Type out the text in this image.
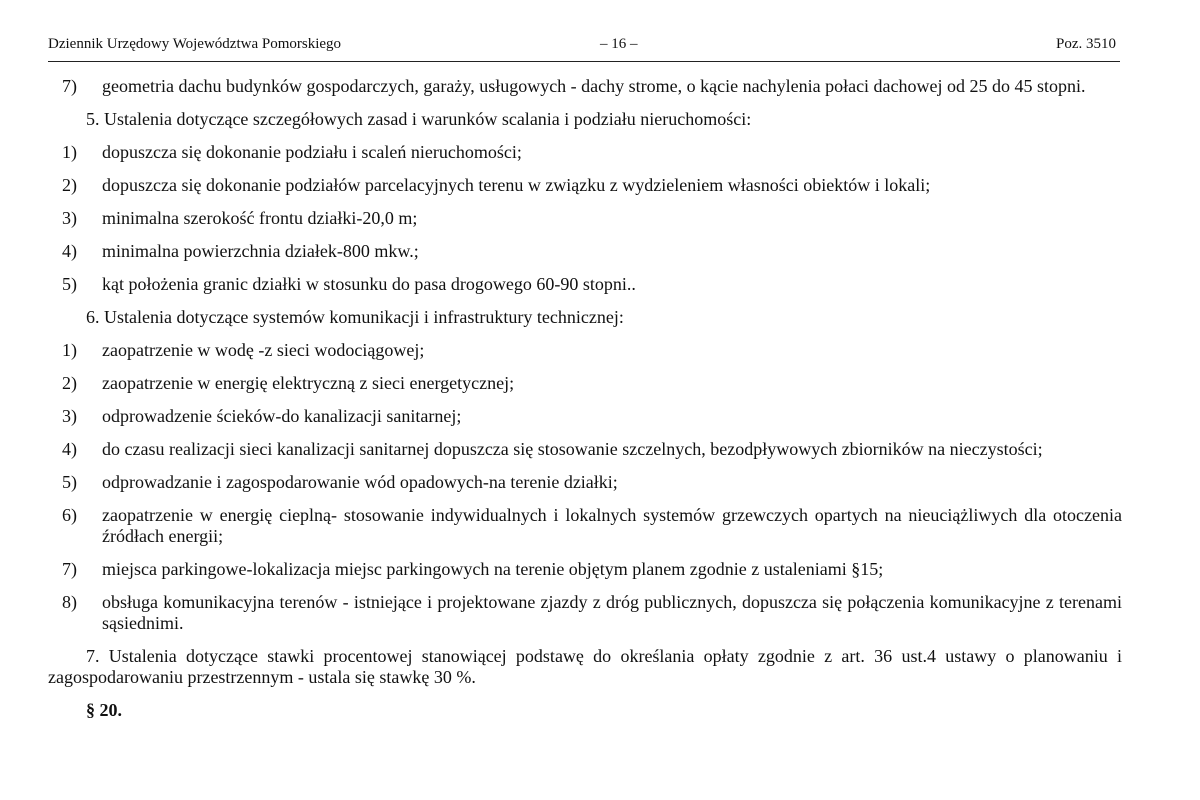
Dziennik Urzędowy Województwa Pomorskiego	– 16 –	Poz. 3510
7)	geometria dachu budynków gospodarczych, garaży, usługowych - dachy strome, o kącie nachylenia połaci dachowej od 25 do 45 stopni.
5. Ustalenia dotyczące szczegółowych zasad i warunków scalania i podziału nieruchomości:
1)	dopuszcza się dokonanie podziału i scaleń nieruchomości;
2)	dopuszcza się dokonanie podziałów parcelacyjnych terenu w związku z wydzieleniem własności obiektów i lokali;
3)	minimalna szerokość frontu działki-20,0 m;
4)	minimalna powierzchnia działek-800 mkw.;
5)	kąt położenia granic działki w stosunku do pasa drogowego 60-90 stopni..
6. Ustalenia dotyczące systemów komunikacji i infrastruktury technicznej:
1)	zaopatrzenie w wodę -z sieci wodociągowej;
2)	zaopatrzenie w energię elektryczną z sieci energetycznej;
3)	odprowadzenie ścieków-do kanalizacji sanitarnej;
4)	do czasu realizacji sieci kanalizacji sanitarnej dopuszcza się stosowanie szczelnych, bezodpływowych zbiorników na nieczystości;
5)	odprowadzanie i zagospodarowanie wód opadowych-na terenie działki;
6)	zaopatrzenie w energię cieplną- stosowanie indywidualnych i lokalnych systemów grzewczych opartych na nieuciążliwych dla otoczenia źródłach energii;
7)	miejsca parkingowe-lokalizacja miejsc parkingowych na terenie objętym planem zgodnie z ustaleniami §15;
8)	obsługa komunikacyjna terenów - istniejące i projektowane zjazdy z dróg publicznych, dopuszcza się połączenia komunikacyjne z terenami sąsiednimi.
7. Ustalenia dotyczące stawki procentowej stanowiącej podstawę do określania opłaty zgodnie z art. 36 ust.4 ustawy o planowaniu i zagospodarowaniu przestrzennym - ustala się stawkę 30 %.
§ 20.
